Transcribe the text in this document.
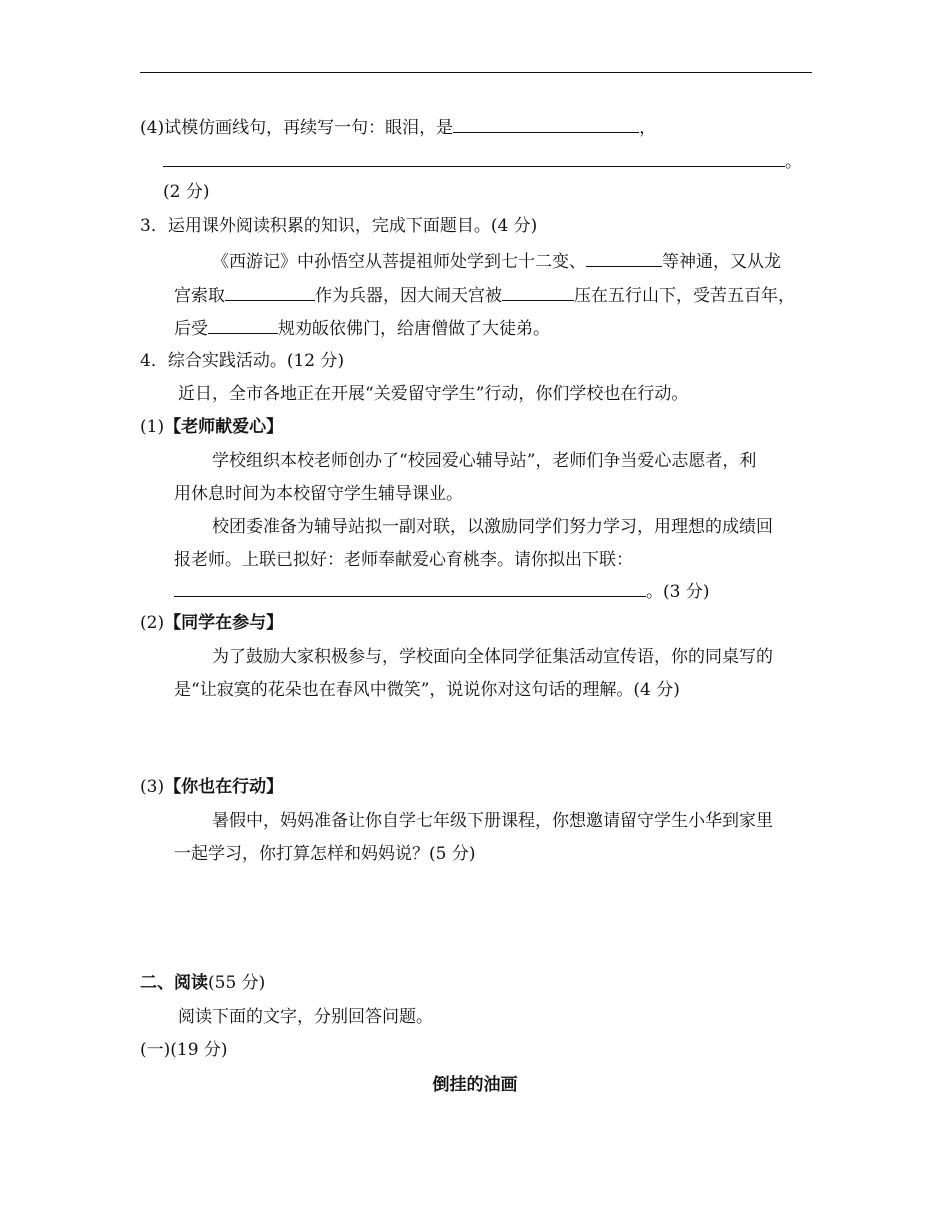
(4)试模仿画线句，再续写一句：眼泪，是	，
。
(2 分)
3．运用课外阅读积累的知识，完成下面题目。(4 分)
《西游记》中孙悟空从菩提祖师处学到七十二变、	等神通，又从龙
宫索取	作为兵器，因大闹天宫被	压在五行山下，受苦五百年，
后受	规劝皈依佛门，给唐僧做了大徒弟。
4．综合实践活动。(12 分)
近日，全市各地正在开展“关爱留守学生”行动，你们学校也在行动。
(1)【老师献爱心】
学校组织本校老师创办了“校园爱心辅导站”，老师们争当爱心志愿者，利
用休息时间为本校留守学生辅导课业。
校团委准备为辅导站拟一副对联，以激励同学们努力学习，用理想的成绩回
报老师。上联已拟好：老师奉献爱心育桃李。请你拟出下联：
。(3 分)
(2)【同学在参与】
为了鼓励大家积极参与，学校面向全体同学征集活动宣传语，你的同桌写的
是“让寂寞的花朵也在春风中微笑”，说说你对这句话的理解。(4 分)
(3)【你也在行动】
暑假中，妈妈准备让你自学七年级下册课程，你想邀请留守学生小华到家里
一起学习，你打算怎样和妈妈说？(5 分)
二、阅读(55 分)
阅读下面的文字，分别回答问题。
(一)(19 分)
倒挂的油画
